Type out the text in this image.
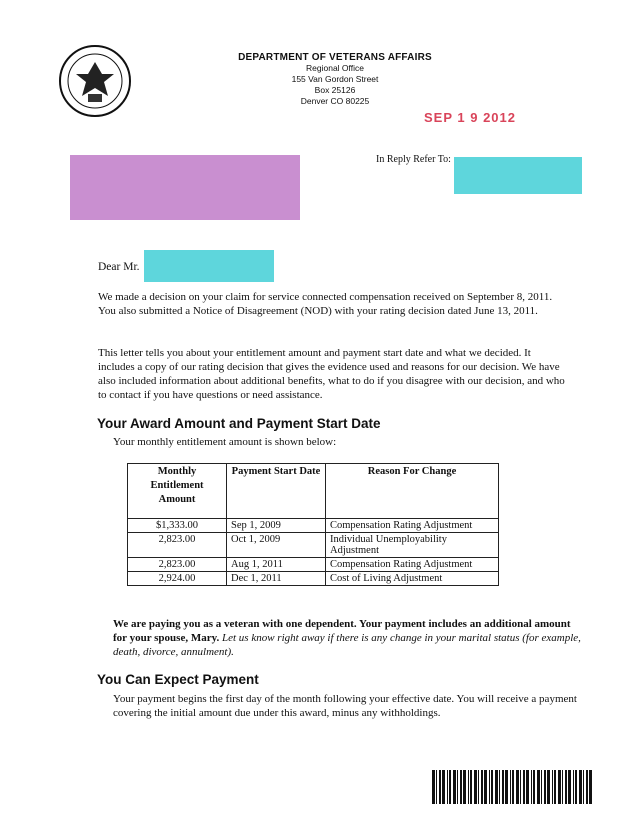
DEPARTMENT OF VETERANS AFFAIRS
Regional Office
155 Van Gordon Street
Box 25126
Denver CO 80225
SEP 1 9 2012
In Reply Refer To:
Dear Mr.
We made a decision on your claim for service connected compensation received on September 8, 2011. You also submitted a Notice of Disagreement (NOD) with your rating decision dated June 13, 2011.
This letter tells you about your entitlement amount and payment start date and what we decided. It includes a copy of our rating decision that gives the evidence used and reasons for our decision. We have also included information about additional benefits, what to do if you disagree with our decision, and who to contact if you have questions or need assistance.
Your Award Amount and Payment Start Date
Your monthly entitlement amount is shown below:
Monthly Entitlement Amount	Payment Start Date	Reason For Change
$1,333.00	Sep 1, 2009	Compensation Rating Adjustment
2,823.00	Oct 1, 2009	Individual Unemployability Adjustment
2,823.00	Aug 1, 2011	Compensation Rating Adjustment
2,924.00	Dec 1, 2011	Cost of Living Adjustment
We are paying you as a veteran with one dependent. Your payment includes an additional amount for your spouse, Mary. Let us know right away if there is any change in your marital status (for example, death, divorce, annulment).
You Can Expect Payment
Your payment begins the first day of the month following your effective date. You will receive a payment covering the initial amount due under this award, minus any withholdings.
